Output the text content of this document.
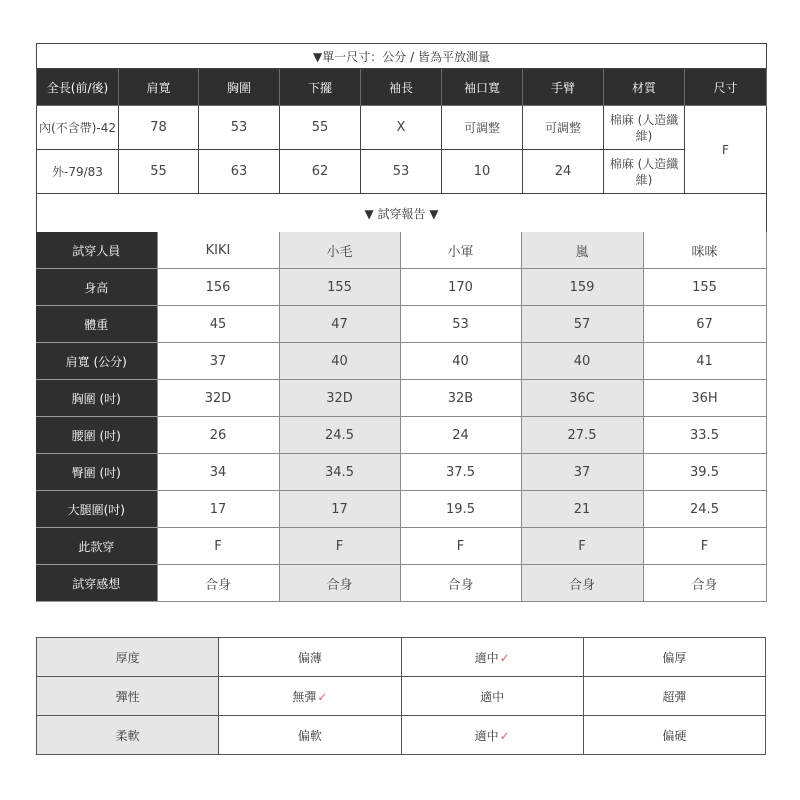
▼單一尺寸：公分 / 皆為平放測量								
全長(前/後)	肩寬	胸圍	下擺	袖長	袖口寬	手臂	材質	尺寸
內(不含帶)-42	78	53	55	X	可調整	可調整	棉麻 (人造纖維)	F
外-79/83	55	63	62	53	10	24	棉麻 (人造纖維)	
▼ 試穿報告 ▼								
試穿人員	KIKI	小毛	小軍	嵐	咪咪
身高	156	155	170	159	155
體重	45	47	53	57	67
肩寬 (公分)	37	40	40	40	41
胸圍 (吋)	32D	32D	32B	36C	36H
腰圍 (吋)	26	24.5	24	27.5	33.5
臀圍 (吋)	34	34.5	37.5	37	39.5
大腿圍(吋)	17	17	19.5	21	24.5
此款穿	F	F	F	F	F
試穿感想	合身	合身	合身	合身	合身
厚度	偏薄	適中✓	偏厚
彈性	無彈✓	適中	超彈
柔軟	偏軟	適中✓	偏硬
